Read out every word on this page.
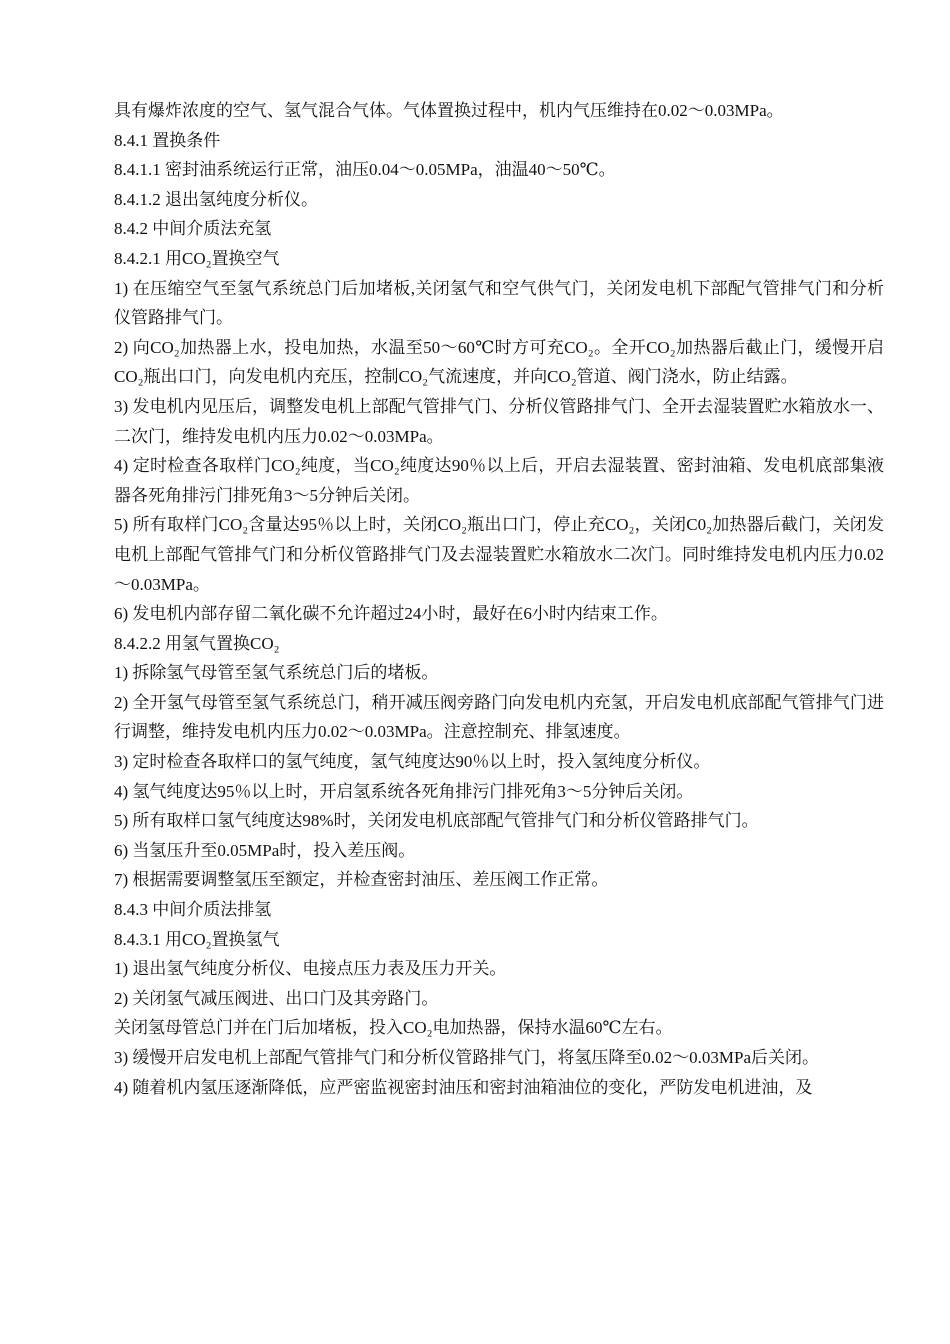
具有爆炸浓度的空气、氢气混合气体。气体置换过程中，机内气压维持在0.02～0.03MPa。

8.4.1 置换条件

8.4.1.1 密封油系统运行正常，油压0.04～0.05MPa，油温40～50℃。

8.4.1.2 退出氢纯度分析仪。

8.4.2 中间介质法充氢

8.4.2.1 用CO₂置换空气

1) 在压缩空气至氢气系统总门后加堵板,关闭氢气和空气供气门，关闭发电机下部配气管排气门和分析仪管路排气门。

2) 向CO₂加热器上水，投电加热，水温至50～60℃时方可充CO₂。全开CO₂加热器后截止门，缓慢开启CO₂瓶出口门，向发电机内充压，控制CO₂气流速度，并向CO₂管道、阀门浇水，防止结露。

3) 发电机内见压后，调整发电机上部配气管排气门、分析仪管路排气门、全开去湿装置贮水箱放水一、二次门，维持发电机内压力0.02～0.03MPa。

4) 定时检查各取样门CO₂纯度，当CO₂纯度达90％以上后，开启去湿装置、密封油箱、发电机底部集液器各死角排污门排死角3～5分钟后关闭。

5) 所有取样门CO₂含量达95％以上时，关闭CO₂瓶出口门，停止充CO₂，关闭C0₂加热器后截门，关闭发电机上部配气管排气门和分析仪管路排气门及去湿装置贮水箱放水二次门。同时维持发电机内压力0.02～0.03MPa。

6) 发电机内部存留二氧化碳不允许超过24小时，最好在6小时内结束工作。

8.4.2.2 用氢气置换CO₂

1) 拆除氢气母管至氢气系统总门后的堵板。

2) 全开氢气母管至氢气系统总门，稍开减压阀旁路门向发电机内充氢，开启发电机底部配气管排气门进行调整，维持发电机内压力0.02～0.03MPa。注意控制充、排氢速度。

3) 定时检查各取样口的氢气纯度，氢气纯度达90％以上时，投入氢纯度分析仪。

4) 氢气纯度达95％以上时，开启氢系统各死角排污门排死角3～5分钟后关闭。

5) 所有取样口氢气纯度达98%时，关闭发电机底部配气管排气门和分析仪管路排气门。

6) 当氢压升至0.05MPa时，投入差压阀。

7) 根据需要调整氢压至额定，并检查密封油压、差压阀工作正常。

8.4.3 中间介质法排氢

8.4.3.1 用CO₂置换氢气

1) 退出氢气纯度分析仪、电接点压力表及压力开关。

2) 关闭氢气减压阀进、出口门及其旁路门。

关闭氢母管总门并在门后加堵板，投入CO₂电加热器，保持水温60℃左右。

3) 缓慢开启发电机上部配气管排气门和分析仪管路排气门，将氢压降至0.02～0.03MPa后关闭。

4) 随着机内氢压逐渐降低，应严密监视密封油压和密封油箱油位的变化，严防发电机进油，及
